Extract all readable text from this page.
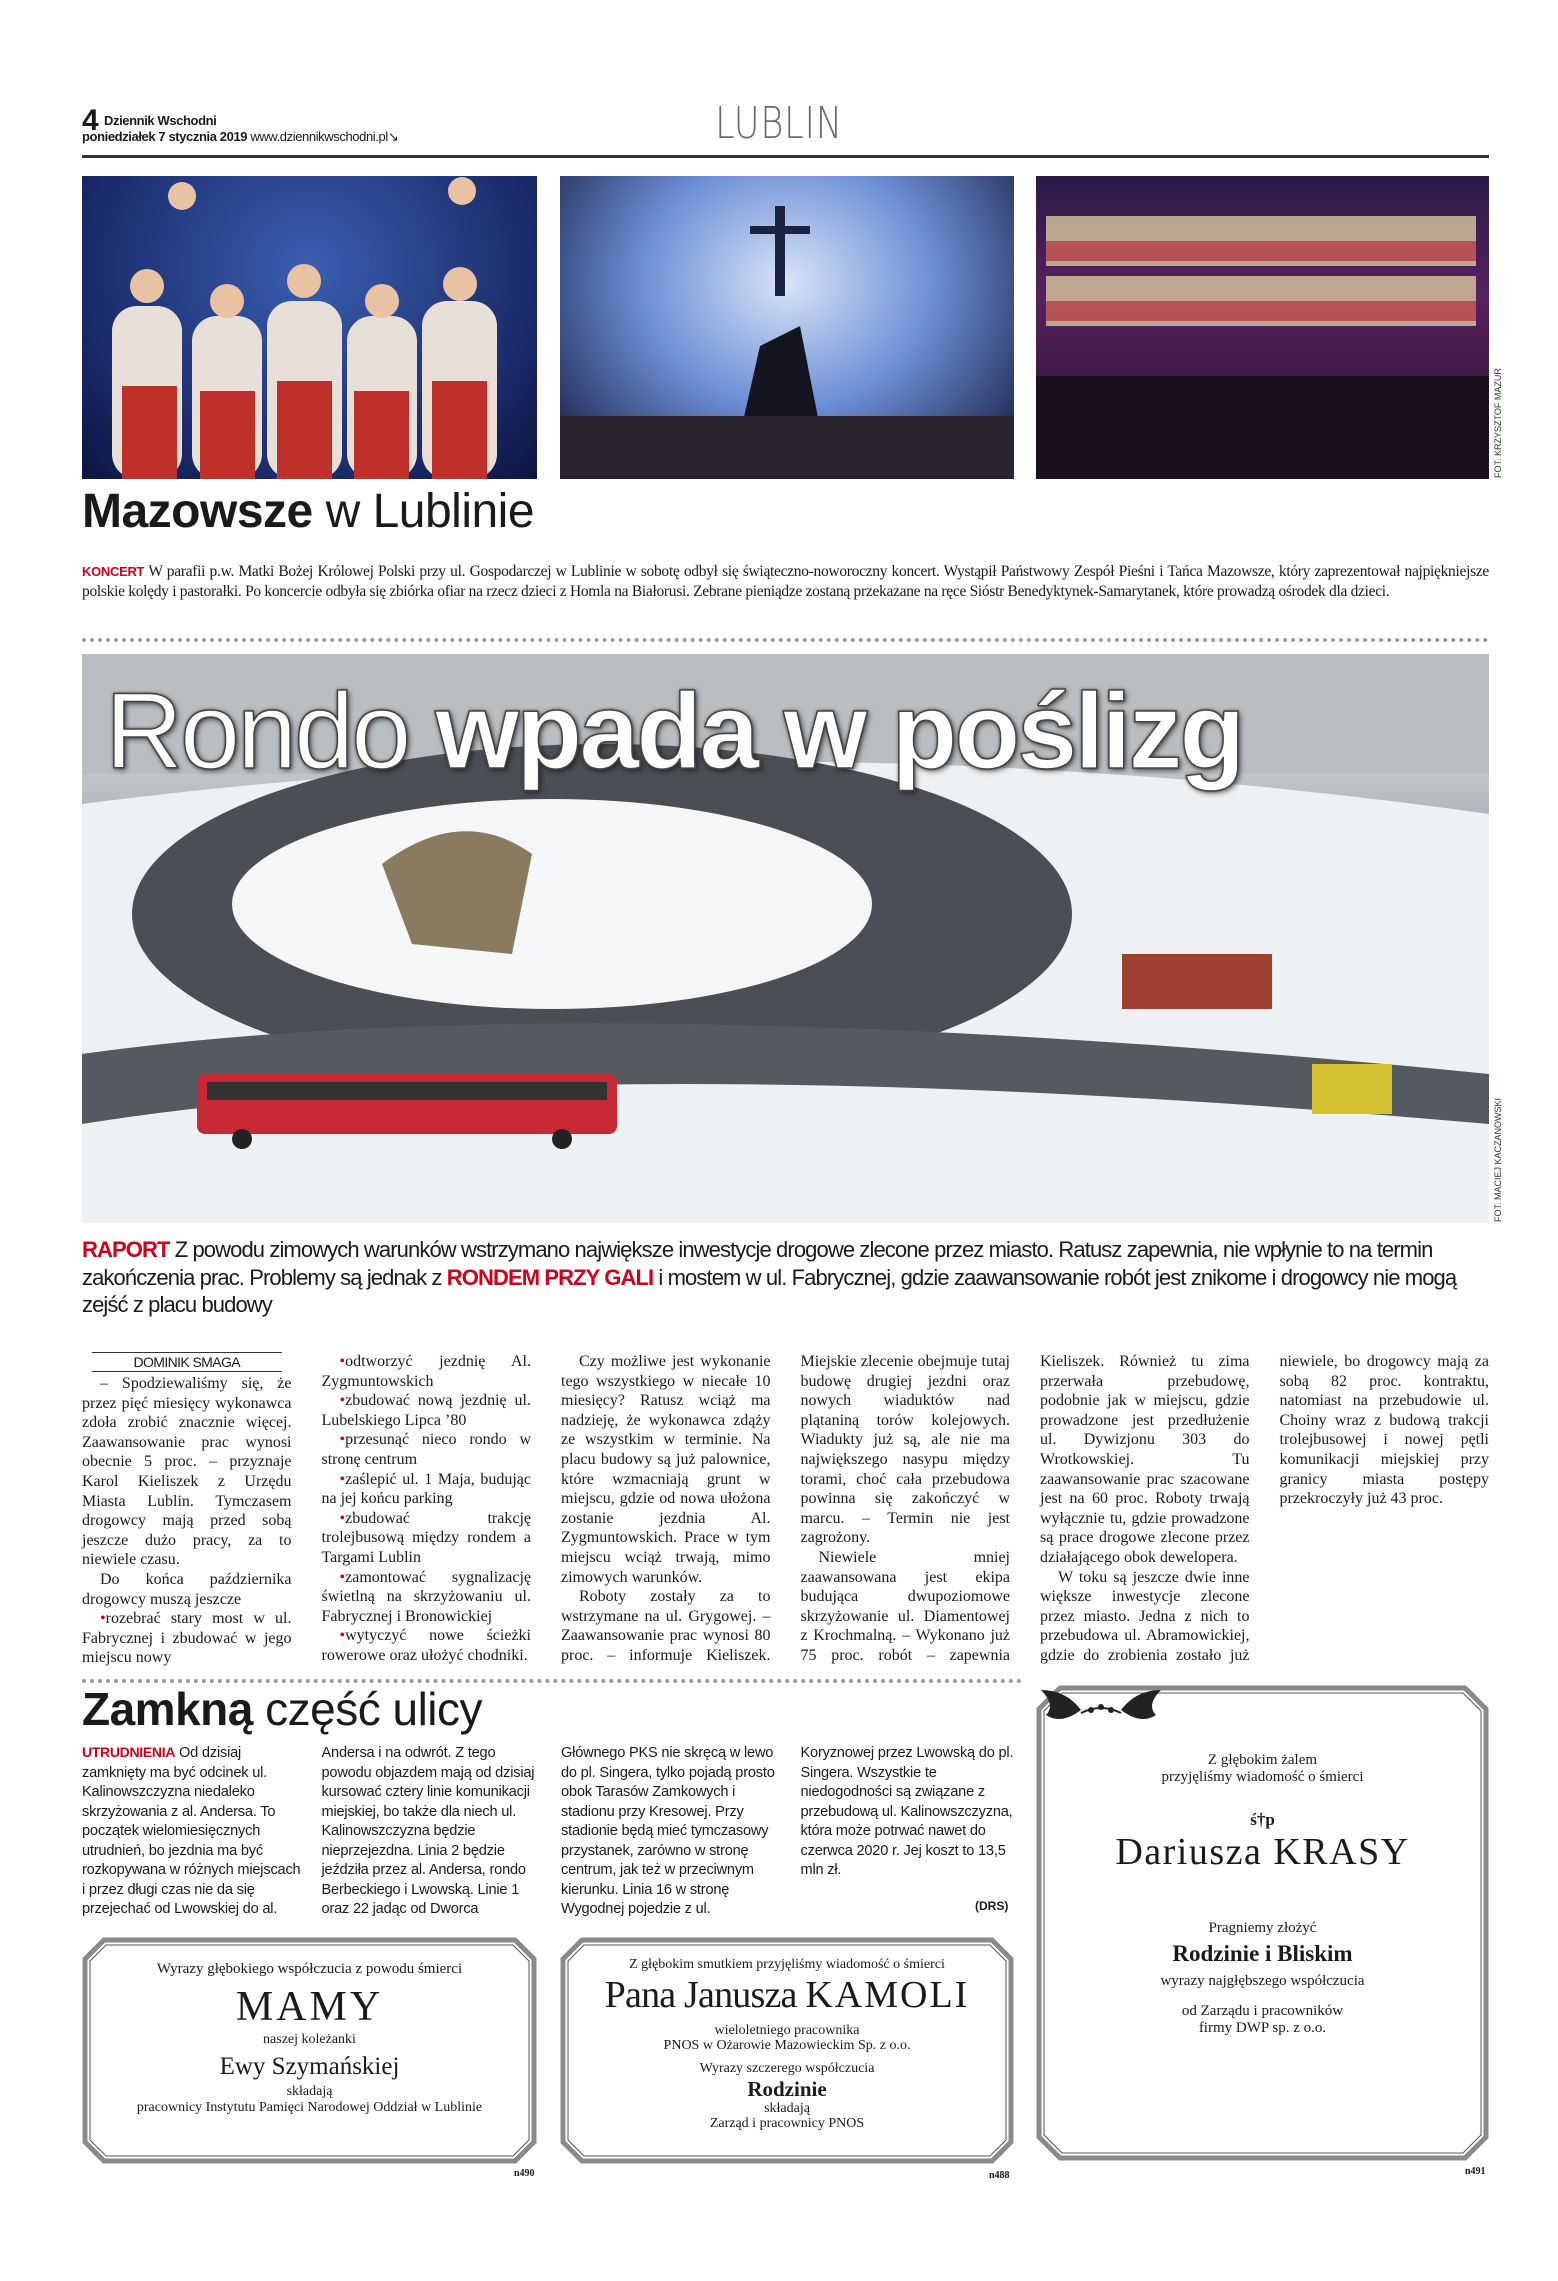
4 Dziennik Wschodni
poniedziałek 7 stycznia 2019 www.dziennikwschodni.pl↘	LUBLIN
FOT. KRZYSZTOF MAZUR
Mazowsze w Lublinie
KONCERT W parafii p.w. Matki Bożej Królowej Polski przy ul. Gospodarczej w Lublinie w sobotę odbył się świąteczno-noworoczny koncert. Wystąpił Państwowy Zespół Pieśni i Tańca Mazowsze, który zaprezentował najpiękniejsze polskie kolędy i pastorałki. Po koncercie odbyła się zbiórka ofiar na rzecz dzieci z Homla na Białorusi. Zebrane pieniądze zostaną przekazane na ręce Sióstr Benedyktynek-Samarytanek, które prowadzą ośrodek dla dzieci.
Rondo wpada w poślizg
FOT. MACIEJ KACZANOWSKI
RAPORT Z powodu zimowych warunków wstrzymano największe inwestycje drogowe zlecone przez miasto. Ratusz zapewnia, nie wpłynie to na termin zakończenia prac. Problemy są jednak z RONDEM PRZY GALI i mostem w ul. Fabrycznej, gdzie zaawansowanie robót jest znikome i drogowcy nie mogą zejść z placu budowy

DOMINIK SMAGA

– Spodziewaliśmy się, że przez pięć miesięcy wykonawca zdoła zrobić znacznie więcej. Zaawansowanie prac wynosi obecnie 5 proc. – przyznaje Karol Kieliszek z Urzędu Miasta Lublin. Tymczasem drogowcy mają przed sobą jeszcze dużo pracy, za to niewiele czasu.

Do końca października drogowcy muszą jeszcze

• rozebrać stary most w ul. Fabrycznej i zbudować w jego miejscu nowy

• odtworzyć jezdnię Al. Zygmuntowskich

• zbudować nową jezdnię ul. Lubelskiego Lipca ’80

• przesunąć nieco rondo w stronę centrum

• zaślepić ul. 1 Maja, budując na jej końcu parking

• zbudować trakcję trolejbusową między rondem a Targami Lublin

• zamontować sygnalizację świetlną na skrzyżowaniu ul. Fabrycznej i Bronowickiej

• wytyczyć nowe ścieżki rowerowe oraz ułożyć chodniki.

Czy możliwe jest wykonanie tego wszystkiego w niecałe 10 miesięcy? Ratusz wciąż ma nadzieję, że wykonawca zdąży ze wszystkim w terminie. Na placu budowy są już palownice, które wzmacniają grunt w miejscu, gdzie od nowa ułożona zostanie jezdnia Al. Zygmuntowskich. Prace w tym miejscu wciąż trwają, mimo zimowych warunków.

Roboty zostały za to wstrzymane na ul. Grygowej. – Zaawansowanie prac wynosi 80 proc. – informuje Kieliszek. Miejskie zlecenie obejmuje tutaj budowę drugiej jezdni oraz nowych wiaduktów nad plątaniną torów kolejowych. Wiadukty już są, ale nie ma największego nasypu między torami, choć cała przebudowa powinna się zakończyć w marcu. – Termin nie jest zagrożony.

Niewiele mniej zaawansowana jest ekipa budująca dwupoziomowe skrzyżowanie ul. Diamentowej z Krochmalną. – Wykonano już 75 proc. robót – zapewnia Kieliszek. Również tu zima przerwała przebudowę, podobnie jak w miejscu, gdzie prowadzone jest przedłużenie ul. Dywizjonu 303 do Wrotkowskiej. Tu zaawansowanie prac szacowane jest na 60 proc. Roboty trwają wyłącznie tu, gdzie prowadzone są prace drogowe zlecone przez działającego obok dewelopera.

W toku są jeszcze dwie inne większe inwestycje zlecone przez miasto. Jedna z nich to przebudowa ul. Abramowickiej, gdzie do zrobienia zostało już niewiele, bo drogowcy mają za sobą 82 proc. kontraktu, natomiast na przebudowie ul. Choiny wraz z budową trakcji trolejbusowej i nowej pętli komunikacji miejskiej przy granicy miasta postępy przekroczyły już 43 proc.

Zamkną część ulicy
UTRUDNIENIA Od dzisiaj zamknięty ma być odcinek ul. Kalinowszczyzna niedaleko skrzyżowania z al. Andersa. To początek wielomiesięcznych utrudnień, bo jezdnia ma być rozkopywana w różnych miejscach i przez długi czas nie da się przejechać od Lwowskiej do al. Andersa i na odwrót. Z tego powodu objazdem mają od dzisiaj kursować cztery linie komunikacji miejskiej, bo także dla niech ul. Kalinowszczyzna będzie nieprzejezdna. Linia 2 będzie jeździła przez al. Andersa, rondo Berbeckiego i Lwowską. Linie 1 oraz 22 jadąc od Dworca Głównego PKS nie skręcą w lewo do pl. Singera, tylko pojadą prosto obok Tarasów Zamkowych i stadionu przy Kresowej. Przy stadionie będą mieć tymczasowy przystanek, zarówno w stronę centrum, jak też w przeciwnym kierunku. Linia 16 w stronę Wygodnej pojedzie z ul. Koryznowej przez Lwowską do pl. Singera. Wszystkie te niedogodności są związane z przebudową ul. Kalinowszczyzna, która może potrwać nawet do czerwca 2020 r. Jej koszt to 13,5 mln zł.
(DRS)
Wyrazy głębokiego współczucia z powodu śmierci
MAMY
naszej koleżanki
Ewy Szymańskiej
składają
pracownicy Instytutu Pamięci Narodowej Oddział w Lublinie
n490
Z głębokim smutkiem przyjęliśmy wiadomość o śmierci
Pana Janusza KAMOLI
wieloletniego pracownika
PNOS w Ożarowie Mazowieckim Sp. z o.o.
Wyrazy szczerego współczucia
Rodzinie
składają
Zarząd i pracownicy PNOS
n488
Z głębokim żalem
przyjęliśmy wiadomość o śmierci
ś†p
Dariusza KRASY
Pragniemy złożyć
Rodzinie i Bliskim
wyrazy najgłębszego współczucia
od Zarządu i pracowników
firmy DWP sp. z o.o.
n491
